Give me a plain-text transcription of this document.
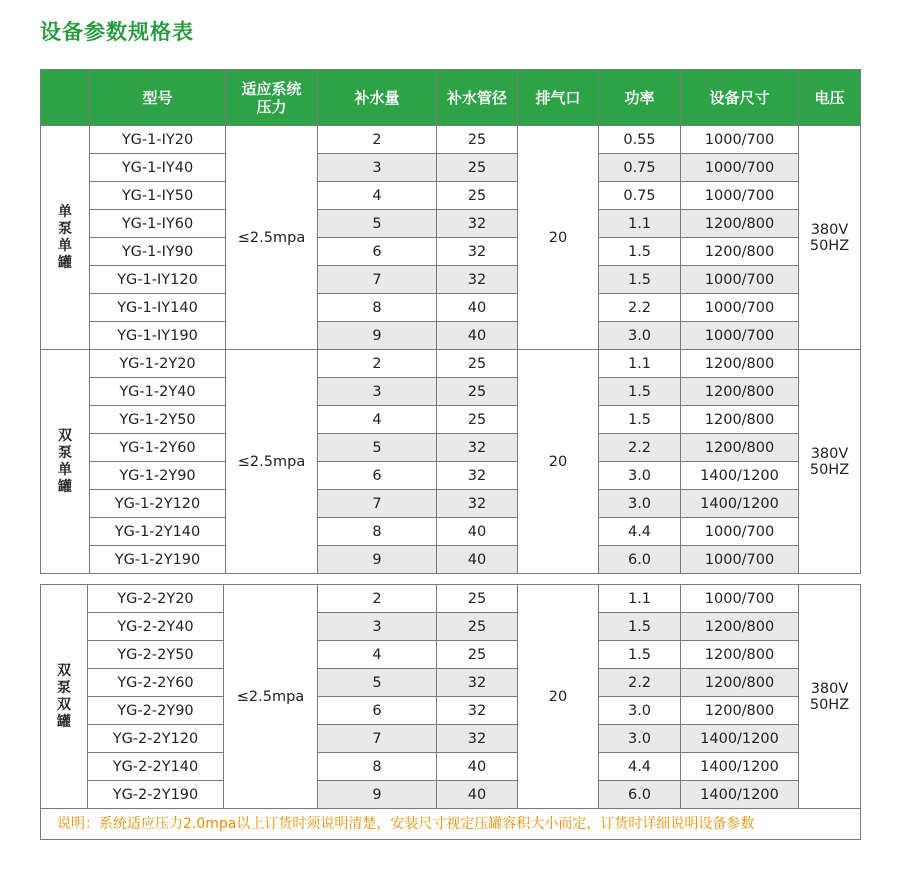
设备参数规格表
	型号	适应系统
压力	补水量	补水管径	排气口	功率	设备尺寸	电压
单泵单罐	YG-1-IY20	≤2.5mpa	2	25	20	0.55	1000/700	380V
50HZ
	YG-1-IY40		3	25		0.75	1000/700	
	YG-1-IY50		4	25		0.75	1000/700	
	YG-1-IY60		5	32		1.1	1200/800	
	YG-1-IY90		6	32		1.5	1200/800	
	YG-1-IY120		7	32		1.5	1000/700	
	YG-1-IY140		8	40		2.2	1000/700	
	YG-1-IY190		9	40		3.0	1000/700	
双泵单罐	YG-1-2Y20	≤2.5mpa	2	25	20	1.1	1200/800	380V
50HZ
	YG-1-2Y40		3	25		1.5	1200/800	
	YG-1-2Y50		4	25		1.5	1200/800	
	YG-1-2Y60		5	32		2.2	1200/800	
	YG-1-2Y90		6	32		3.0	1400/1200	
	YG-1-2Y120		7	32		3.0	1400/1200	
	YG-1-2Y140		8	40		4.4	1000/700	
	YG-1-2Y190		9	40		6.0	1000/700	
双泵双罐	YG-2-2Y20	≤2.5mpa	2	25	20	1.1	1000/700	380V
50HZ
	YG-2-2Y40		3	25		1.5	1200/800	
	YG-2-2Y50		4	25		1.5	1200/800	
	YG-2-2Y60		5	32		2.2	1200/800	
	YG-2-2Y90		6	32		3.0	1200/800	
	YG-2-2Y120		7	32		3.0	1400/1200	
	YG-2-2Y140		8	40		4.4	1400/1200	
	YG-2-2Y190		9	40		6.0	1400/1200	
说明：系统适应压力2.0mpa以上订货时须说明清楚，安装尺寸视定压罐容积大小而定，订货时详细说明设备参数								
